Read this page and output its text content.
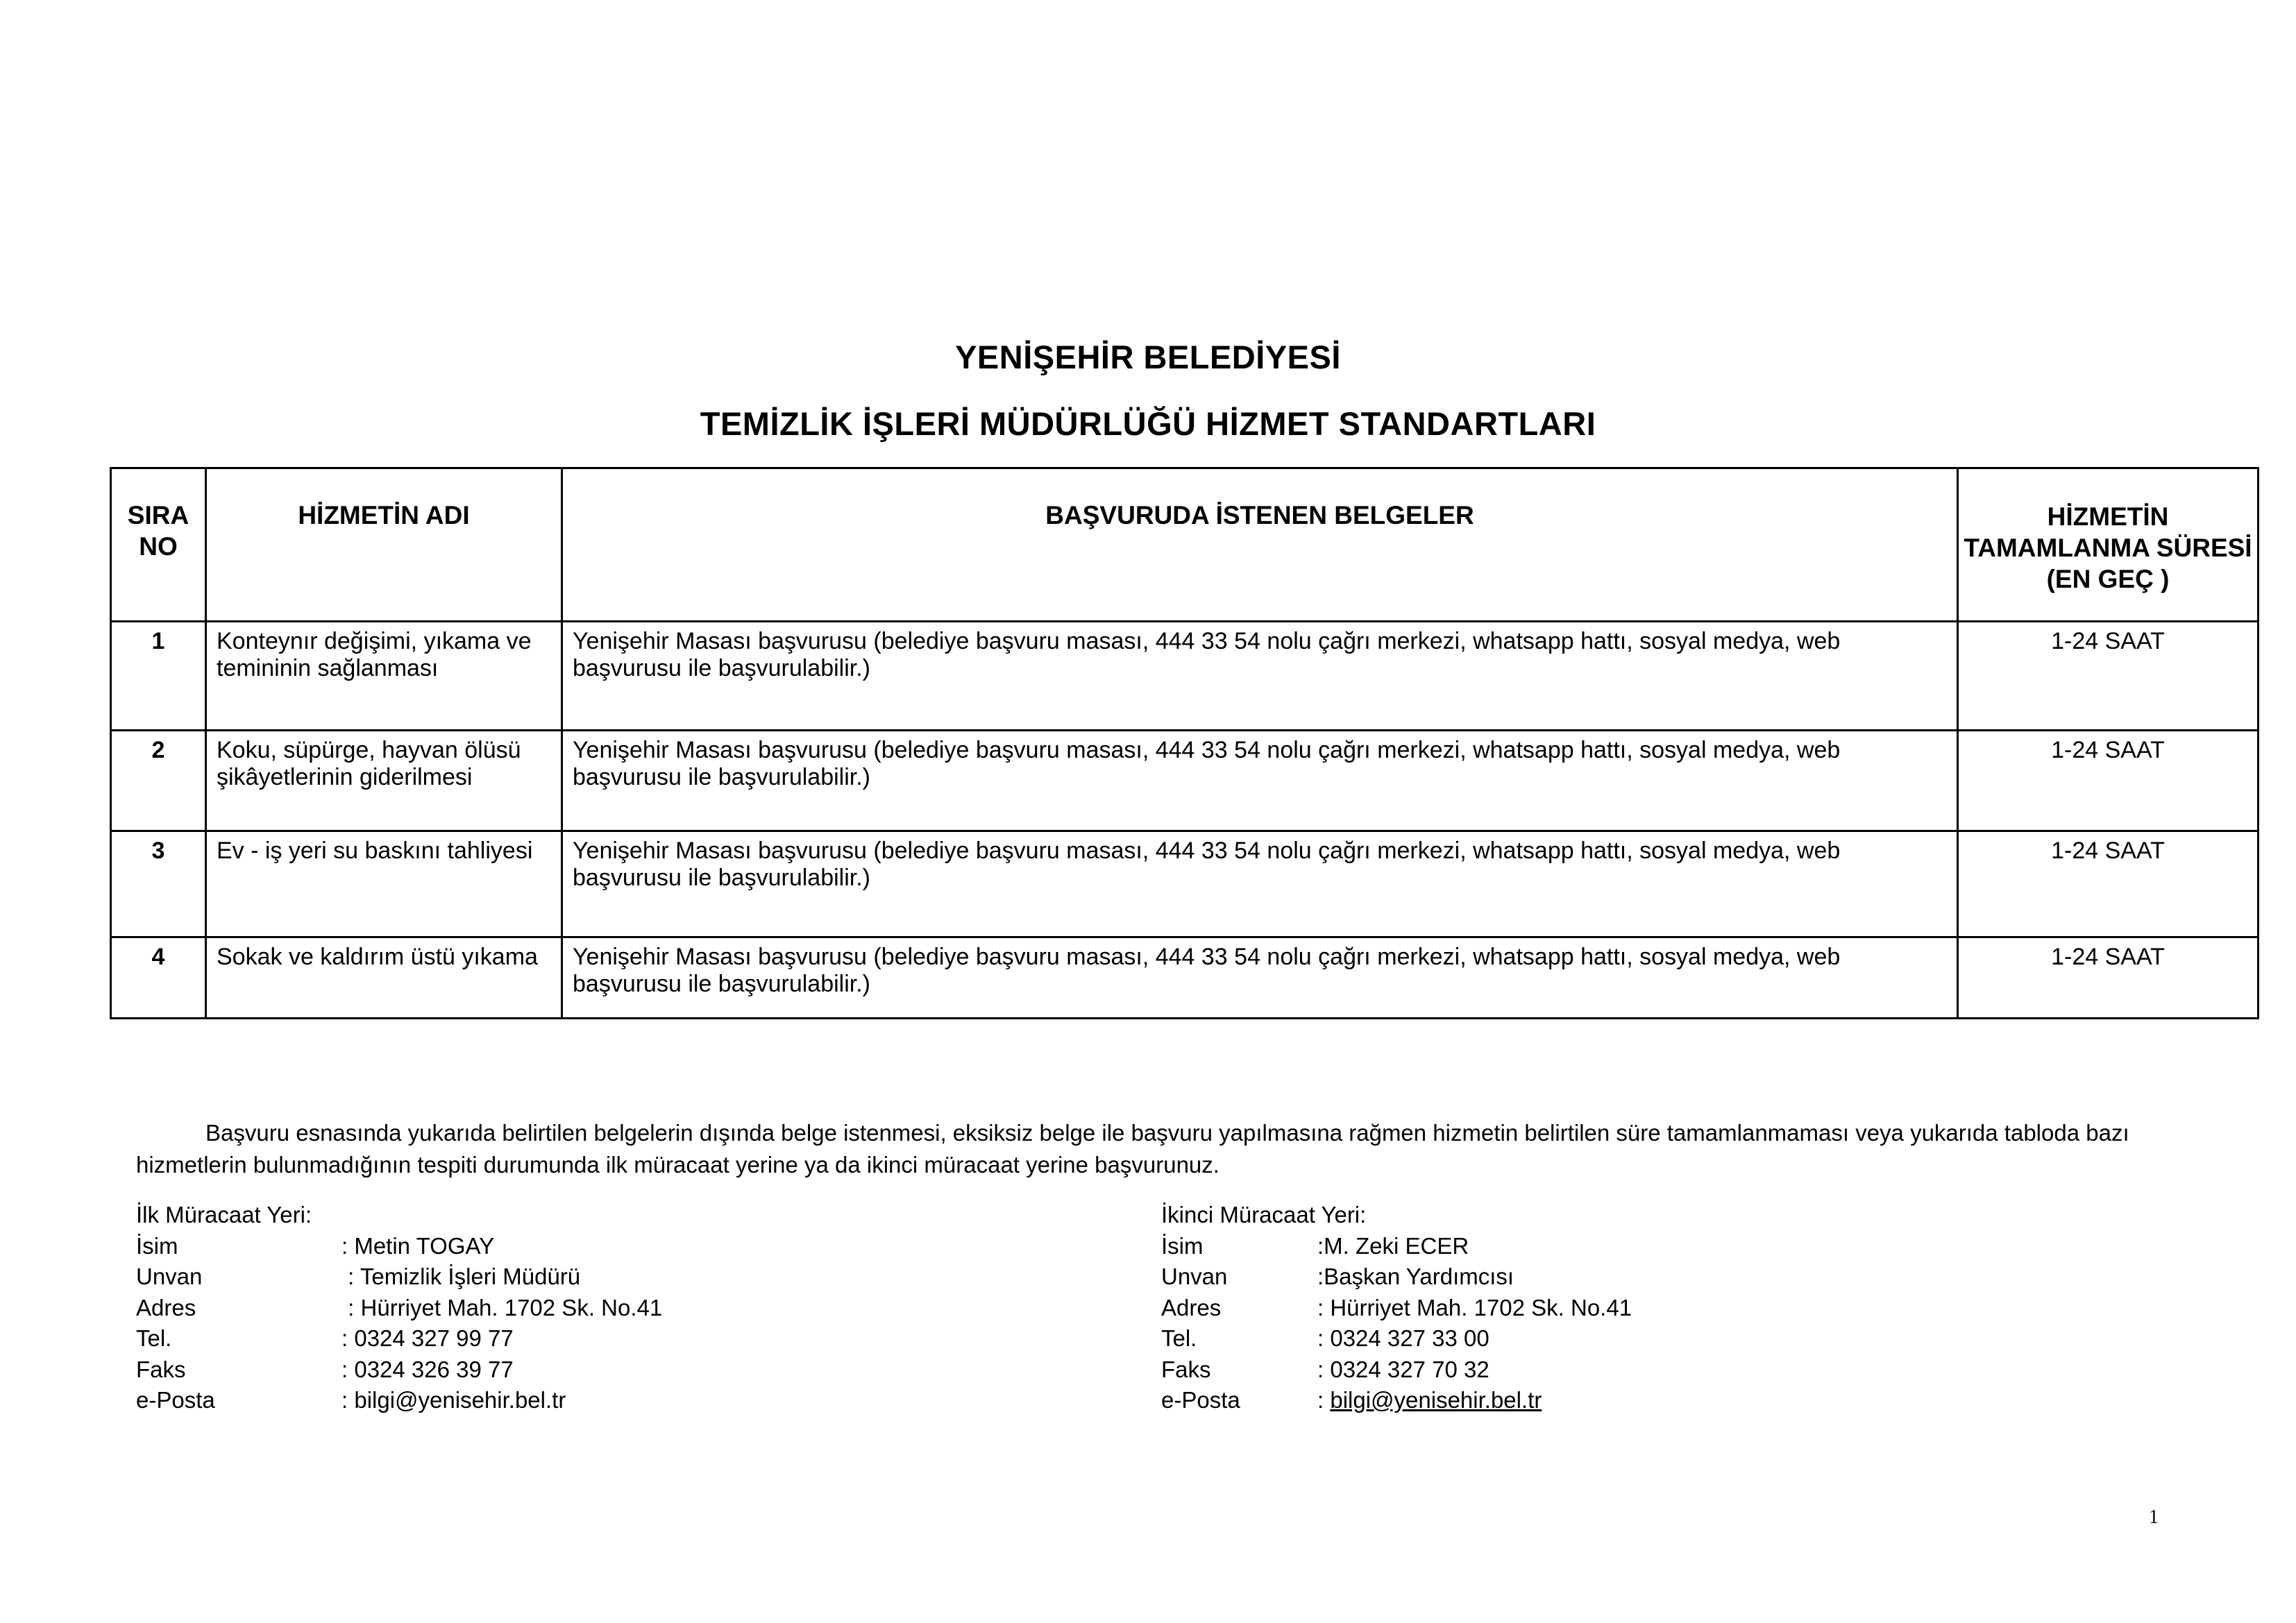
YENİŞEHİR BELEDİYESİ
TEMİZLİK İŞLERİ MÜDÜRLÜĞÜ HİZMET STANDARTLARI
SIRA NO	HİZMETİN ADI	BAŞVURUDA İSTENEN BELGELER	HİZMETİN TAMAMLANMA SÜRESİ (EN GEÇ )

1	Konteynır değişimi, yıkama ve temininin sağlanması	Yenişehir Masası başvurusu (belediye başvuru masası, 444 33 54 nolu çağrı merkezi, whatsapp hattı, sosyal medya, web başvurusu ile başvurulabilir.)	1-24 SAAT

2	Koku, süpürge, hayvan ölüsü şikâyetlerinin giderilmesi	Yenişehir Masası başvurusu (belediye başvuru masası, 444 33 54 nolu çağrı merkezi, whatsapp hattı, sosyal medya, web başvurusu ile başvurulabilir.)	1-24 SAAT

3	Ev - iş yeri su baskını tahliyesi	Yenişehir Masası başvurusu (belediye başvuru masası, 444 33 54 nolu çağrı merkezi, whatsapp hattı, sosyal medya, web başvurusu ile başvurulabilir.)	1-24 SAAT

4	Sokak ve kaldırım üstü yıkama	Yenişehir Masası başvurusu (belediye başvuru masası, 444 33 54 nolu çağrı merkezi, whatsapp hattı, sosyal medya, web başvurusu ile başvurulabilir.)	1-24 SAAT
Başvuru esnasında yukarıda belirtilen belgelerin dışında belge istenmesi, eksiksiz belge ile başvuru yapılmasına rağmen hizmetin belirtilen süre tamamlanmaması veya yukarıda tabloda bazı hizmetlerin bulunmadığının tespiti durumunda ilk müracaat yerine ya da ikinci müracaat yerine başvurunuz.
İlk Müracaat Yeri:
İsim	: Metin TOGAY
Unvan	: Temizlik İşleri Müdürü
Adres	: Hürriyet Mah. 1702 Sk. No.41
Tel.	: 0324 327 99 77
Faks	: 0324 326 39 77
e-Posta	: bilgi@yenisehir.bel.tr
İkinci Müracaat Yeri:
İsim	:M. Zeki ECER
Unvan	:Başkan Yardımcısı
Adres	: Hürriyet Mah. 1702 Sk. No.41
Tel.	: 0324 327 33 00
Faks	: 0324 327 70 32
e-Posta	: bilgi@yenisehir.bel.tr
1
